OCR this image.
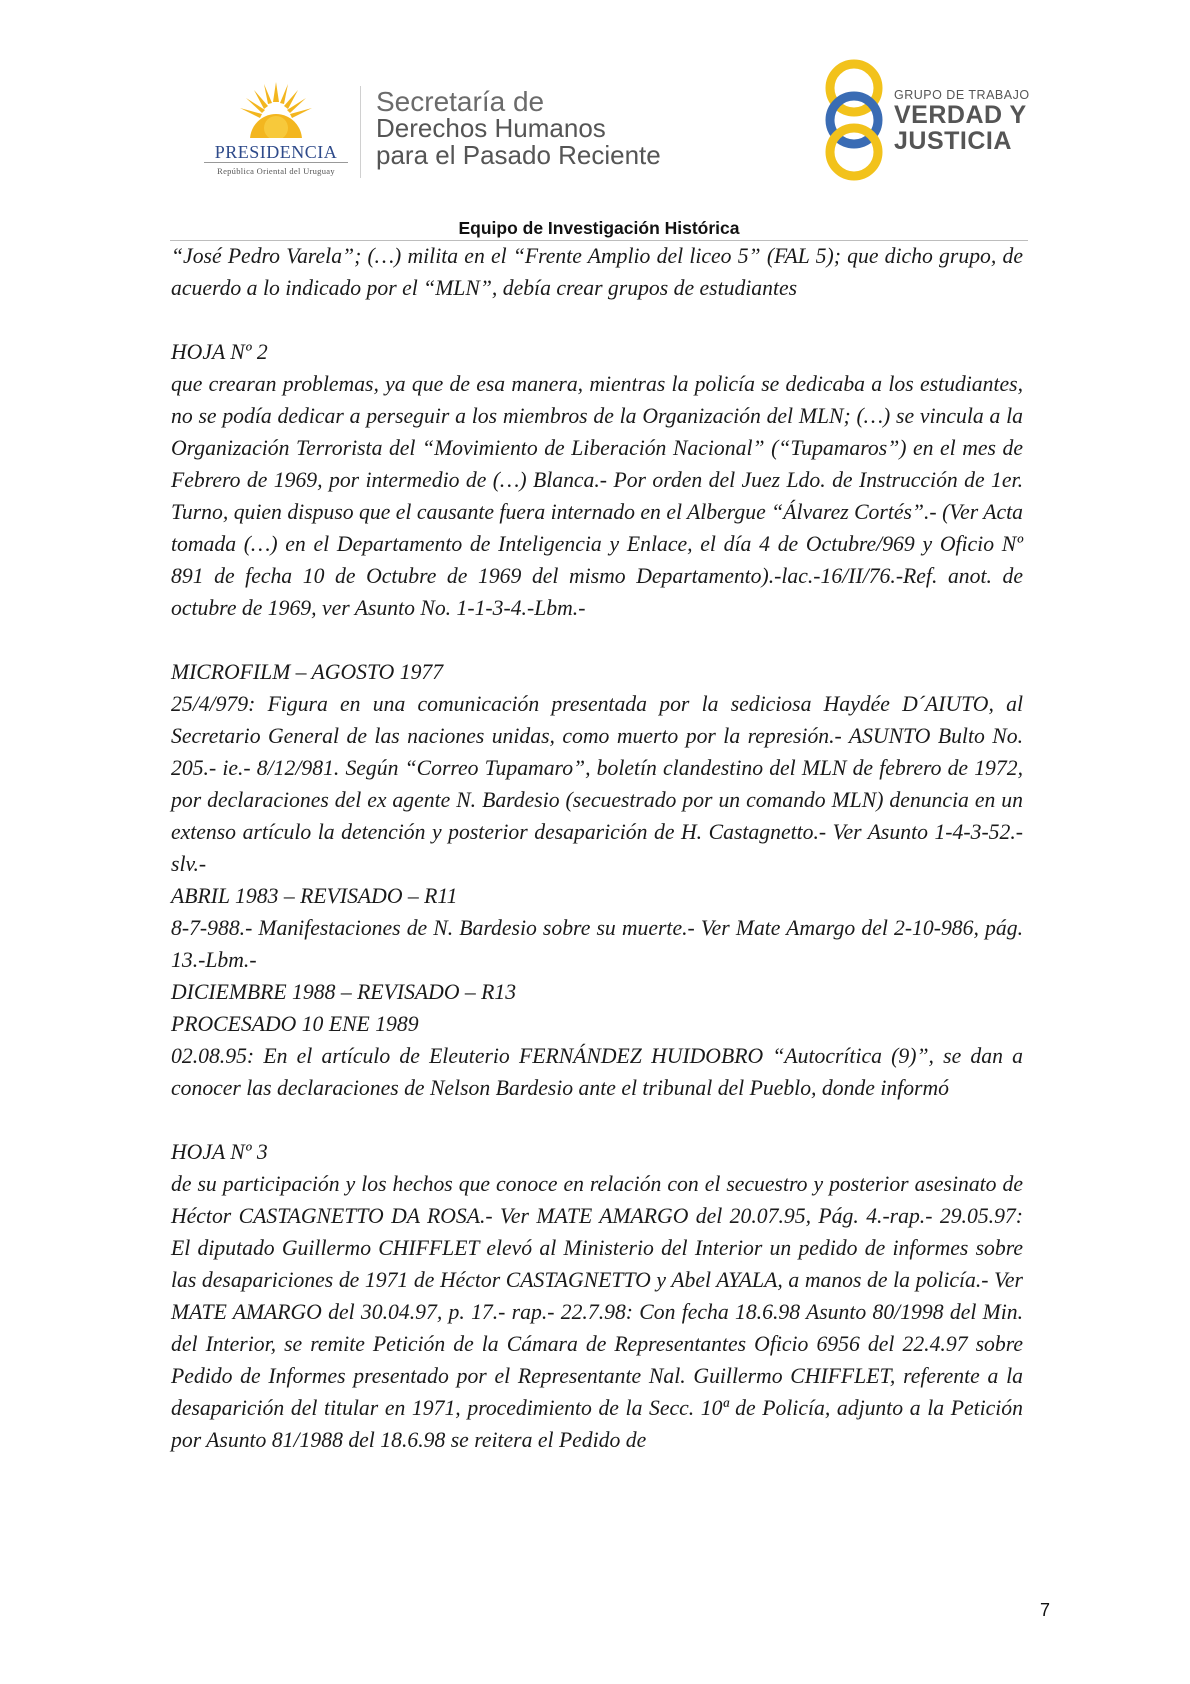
PRESIDENCIA
República Oriental del Uruguay
Secretaría de
Derechos Humanos
para el Pasado Reciente
GRUPO DE TRABAJO
VERDAD Y
JUSTICIA
Equipo de Investigación Histórica

“José Pedro Varela”; (…) milita en el “Frente Amplio del liceo 5” (FAL 5); que dicho grupo, de acuerdo a lo indicado por el “MLN”, debía crear grupos de estudiantes

HOJA Nº 2

que crearan problemas, ya que de esa manera, mientras la policía se dedicaba a los estudiantes, no se podía dedicar a perseguir a los miembros de la Organización del MLN; (…) se vincula a la Organización Terrorista del “Movimiento de Liberación Nacional” (“Tupamaros”) en el mes de Febrero de 1969, por intermedio de (…) Blanca.- Por orden del Juez Ldo. de Instrucción de 1er. Turno, quien dispuso que el causante fuera internado en el Albergue “Álvarez Cortés”.- (Ver Acta tomada (…) en el Departamento de Inteligencia y Enlace, el día 4 de Octubre/969 y Oficio Nº 891 de fecha 10 de Octubre de 1969 del mismo Departamento).-lac.-16/II/76.-Ref. anot. de octubre de 1969, ver Asunto No. 1-1-3-4.-Lbm.-

MICROFILM – AGOSTO 1977

25/4/979: Figura en una comunicación presentada por la sediciosa Haydée D´AIUTO, al Secretario General de las naciones unidas, como muerto por la represión.- ASUNTO Bulto No. 205.- ie.- 8/12/981. Según “Correo Tupamaro”, boletín clandestino del MLN de febrero de 1972, por declaraciones del ex agente N. Bardesio (secuestrado por un comando MLN) denuncia en un extenso artículo la detención y posterior desaparición de H. Castagnetto.- Ver Asunto 1-4-3-52.-slv.-

ABRIL 1983 – REVISADO – R11

8-7-988.- Manifestaciones de N. Bardesio sobre su muerte.- Ver Mate Amargo del 2-10-986, pág. 13.-Lbm.-

DICIEMBRE 1988 – REVISADO – R13

PROCESADO 10 ENE 1989

02.08.95: En el artículo de Eleuterio FERNÁNDEZ HUIDOBRO “Autocrítica (9)”, se dan a conocer las declaraciones de Nelson Bardesio ante el tribunal del Pueblo, donde informó

HOJA Nº 3

de su participación y los hechos que conoce en relación con el secuestro y posterior asesinato de Héctor CASTAGNETTO DA ROSA.- Ver MATE AMARGO del 20.07.95, Pág. 4.-rap.- 29.05.97: El diputado Guillermo CHIFFLET elevó al Ministerio del Interior un pedido de informes sobre las desapariciones de 1971 de Héctor CASTAGNETTO y Abel AYALA, a manos de la policía.- Ver MATE AMARGO del 30.04.97, p. 17.- rap.- 22.7.98: Con fecha 18.6.98 Asunto 80/1998 del Min. del Interior, se remite Petición de la Cámara de Representantes Oficio 6956 del 22.4.97 sobre Pedido de Informes presentado por el Representante Nal. Guillermo CHIFFLET, referente a la desaparición del titular en 1971, procedimiento de la Secc. 10ª de Policía, adjunto a la Petición por Asunto 81/1988 del 18.6.98 se reitera el Pedido de

7
